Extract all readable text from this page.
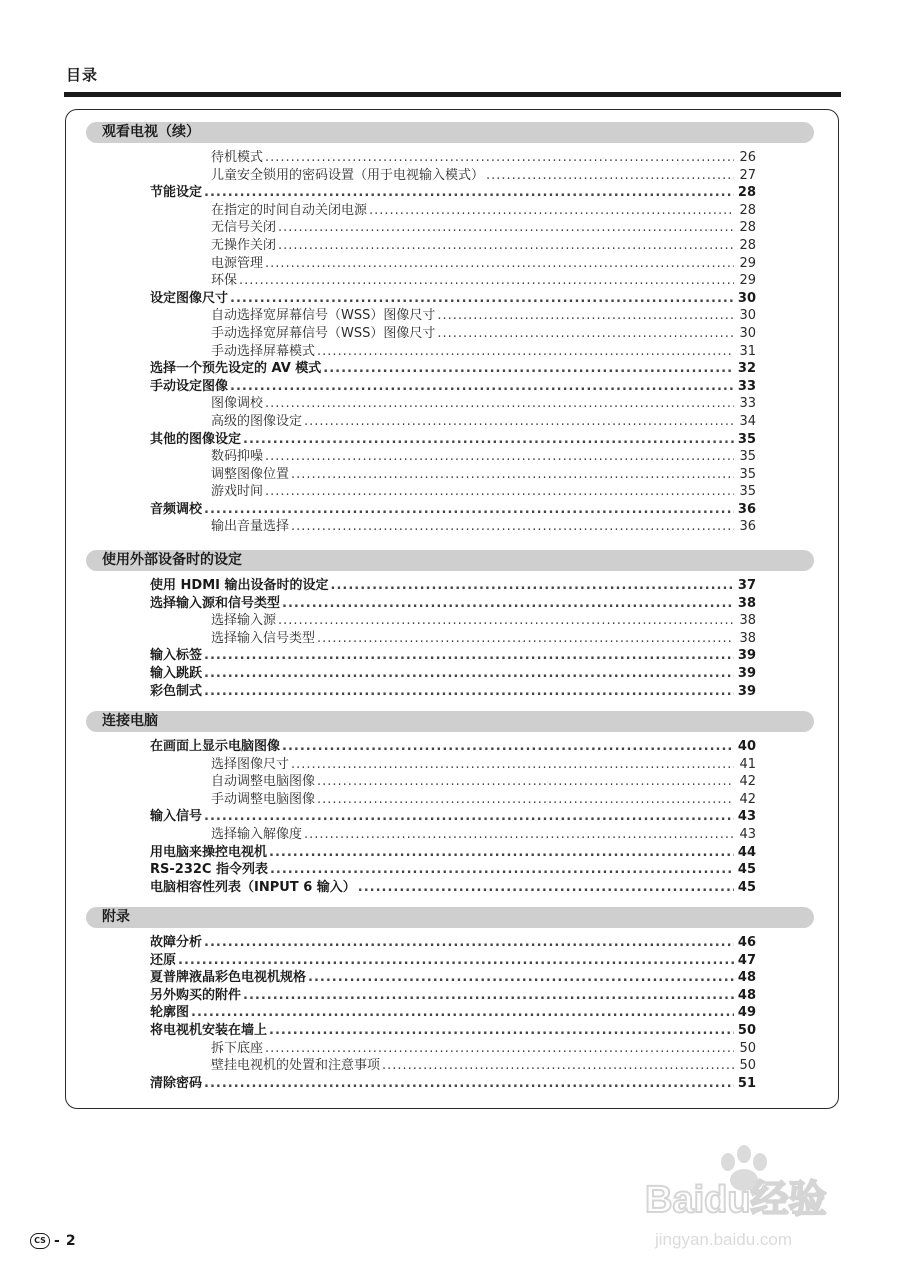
目录
观看电视（续）
待机模式 .....	26
儿童安全锁用的密码设置（用于电视输入模式） .....	27
节能设定 .....	28
在指定的时间自动关闭电源 .....	28
无信号关闭 .....	28
无操作关闭 .....	28
电源管理 .....	29
环保 .....	29
设定图像尺寸 .....	30
自动选择宽屏幕信号（WSS）图像尺寸 .....	30
手动选择宽屏幕信号（WSS）图像尺寸 .....	30
手动选择屏幕模式 .....	31
选择一个预先设定的 AV 模式 .....	32
手动设定图像 .....	33
图像调校 .....	33
高级的图像设定 .....	34
其他的图像设定 .....	35
数码抑噪 .....	35
调整图像位置 .....	35
游戏时间 .....	35
音频调校 .....	36
输出音量选择 .....	36
使用外部设备时的设定
使用 HDMI 输出设备时的设定 .....	37
选择输入源和信号类型 .....	38
选择输入源 .....	38
选择输入信号类型 .....	38
输入标签 .....	39
输入跳跃 .....	39
彩色制式 .....	39
连接电脑
在画面上显示电脑图像 .....	40
选择图像尺寸 .....	41
自动调整电脑图像 .....	42
手动调整电脑图像 .....	42
输入信号 .....	43
选择输入解像度 .....	43
用电脑来操控电视机 .....	44
RS-232C 指令列表 .....	45
电脑相容性列表（INPUT 6 输入） .....	45
附录
故障分析 .....	46
还原 .....	47
夏普牌液晶彩色电视机规格 .....	48
另外购买的附件 .....	48
轮廓图 .....	49
将电视机安装在墙上 .....	50
拆下底座 .....	50
壁挂电视机的处置和注意事项 .....	50
清除密码 .....	51
CS - 2
Baidu经验
jingyan.baidu.com
